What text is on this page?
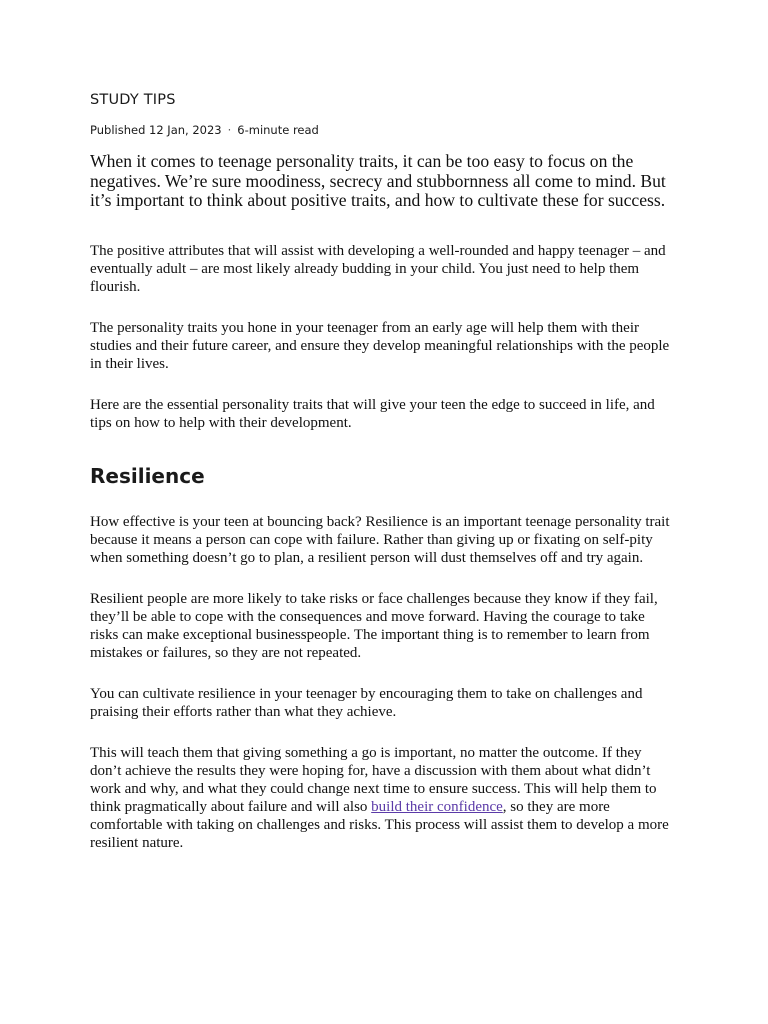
STUDY TIPS
Published 12 Jan, 2023 · 6-minute read

When it comes to teenage personality traits, it can be too easy to focus on the negatives. We’re sure moodiness, secrecy and stubbornness all come to mind. But it’s important to think about positive traits, and how to cultivate these for success.

The positive attributes that will assist with developing a well-rounded and happy teenager – and eventually adult – are most likely already budding in your child. You just need to help them flourish.

The personality traits you hone in your teenager from an early age will help them with their studies and their future career, and ensure they develop meaningful relationships with the people in their lives.

Here are the essential personality traits that will give your teen the edge to succeed in life, and tips on how to help with their development.

Resilience

How effective is your teen at bouncing back? Resilience is an important teenage personality trait because it means a person can cope with failure. Rather than giving up or fixating on self-pity when something doesn’t go to plan, a resilient person will dust themselves off and try again.

Resilient people are more likely to take risks or face challenges because they know if they fail, they’ll be able to cope with the consequences and move forward. Having the courage to take risks can make exceptional businesspeople. The important thing is to remember to learn from mistakes or failures, so they are not repeated.

You can cultivate resilience in your teenager by encouraging them to take on challenges and praising their efforts rather than what they achieve.

This will teach them that giving something a go is important, no matter the outcome. If they don’t achieve the results they were hoping for, have a discussion with them about what didn’t work and why, and what they could change next time to ensure success. This will help them to think pragmatically about failure and will also build their confidence, so they are more comfortable with taking on challenges and risks. This process will assist them to develop a more resilient nature.
